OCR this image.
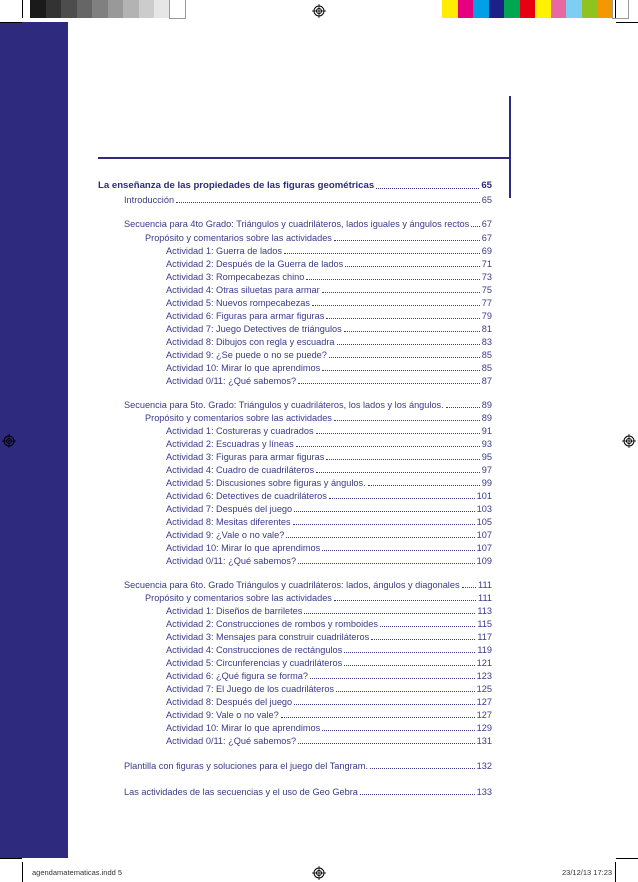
La enseñanza de las propiedades de las figuras geométricas	65
Introducción	65
Secuencia para 4to Grado: Triángulos y cuadriláteros, lados iguales y ángulos rectos 67
Propósito y comentarios sobre las actividades	67
Actividad 1: Guerra de lados	69
Actividad 2: Después de la Guerra de lados	71
Actividad 3: Rompecabezas chino	73
Actividad 4: Otras siluetas para armar	75
Actividad 5: Nuevos rompecabezas	77
Actividad 6: Figuras para armar figuras	79
Actividad 7: Juego Detectives de triángulos	81
Actividad 8: Dibujos con regla y escuadra	83
Actividad 9: ¿Se puede o no se puede?	85
Actividad 10: Mirar lo que aprendimos	85
Actividad 0/11: ¿Qué sabemos?	87
Secuencia para 5to. Grado: Triángulos y cuadriláteros, los lados y los ángulos.	89
Propósito y comentarios sobre las actividades	89
Actividad 1: Costureras y cuadrados	91
Actividad 2: Escuadras y líneas	93
Actividad 3: Figuras para armar figuras	95
Actividad 4: Cuadro de cuadriláteros	97
Actividad 5: Discusiones sobre figuras y ángulos.	99
Actividad 6: Detectives de cuadriláteros	101
Actividad 7: Después del juego	103
Actividad 8: Mesitas diferentes	105
Actividad 9: ¿Vale o no vale?	107
Actividad 10: Mirar lo que aprendimos	107
Actividad 0/11: ¿Qué sabemos?	109
Secuencia para 6to. Grado Triángulos y cuadriláteros: lados, ángulos y diagonales 111
Propósito y comentarios sobre las actividades	111
Actividad 1: Diseños de barriletes	113
Actividad 2: Construcciones de rombos y romboides	115
Actividad 3: Mensajes para construir cuadriláteros	117
Actividad 4: Construcciones de rectángulos	119
Actividad 5: Circunferencias y cuadriláteros	121
Actividad 6: ¿Qué figura se forma?	123
Actividad 7: El Juego de los cuadriláteros	125
Actividad 8: Después del juego	127
Actividad 9: Vale o no vale?	127
Actividad 10: Mirar lo que aprendimos	129
Actividad 0/11: ¿Qué sabemos?	131
Plantilla con figuras y soluciones para el juego del Tangram.	132
Las actividades de las secuencias y el uso de Geo Gebra	133
agendamatematicas.indd 5	23/12/13 17:23
